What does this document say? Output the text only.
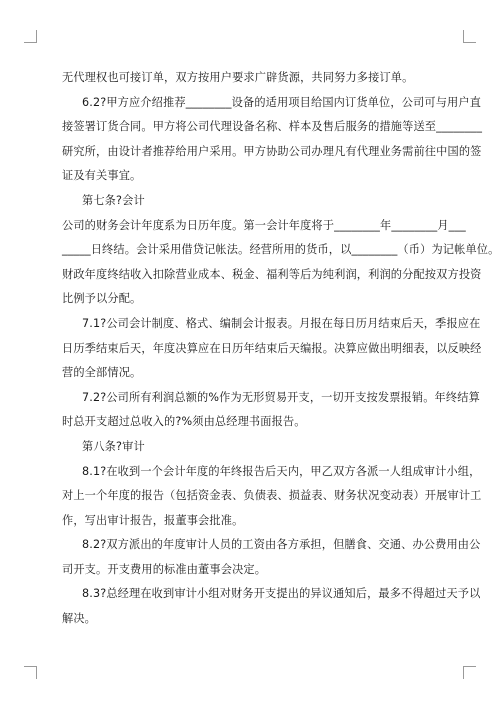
无代理权也可接订单，双方按用户要求广辟货源，共同努力多接订单。
6.2?甲方应介绍推荐________设备的适用项目给国内订货单位，公司可与用户直
接签署订货合同。甲方将公司代理设备名称、样本及售后服务的措施等送至________
研究所，由设计者推荐给用户采用。甲方协助公司办理凡有代理业务需前往中国的签
证及有关事宜。
第七条?会计
公司的财务会计年度系为日历年度。第一会计年度将于________年________月___
_____日终结。会计采用借贷记帐法。经营所用的货币，以________（币）为记帐单位。
财政年度终结收入扣除营业成本、税金、福利等后为纯利润，利润的分配按双方投资
比例予以分配。
7.1?公司会计制度、格式、编制会计报表。月报在每日历月结束后天，季报应在
日历季结束后天，年度决算应在日历年结束后天编报。决算应做出明细表，以反映经
营的全部情况。
7.2?公司所有利润总额的%作为无形贸易开支，一切开支按发票报销。年终结算
时总开支超过总收入的?%须由总经理书面报告。
第八条?审计
8.1?在收到一个会计年度的年终报告后天内，甲乙双方各派一人组成审计小组，
对上一个年度的报告（包括资金表、负债表、损益表、财务状况变动表）开展审计工
作，写出审计报告，报董事会批准。
8.2?双方派出的年度审计人员的工资由各方承担，但膳食、交通、办公费用由公
司开支。开支费用的标准由董事会决定。
8.3?总经理在收到审计小组对财务开支提出的异议通知后，最多不得超过天予以
解决。
